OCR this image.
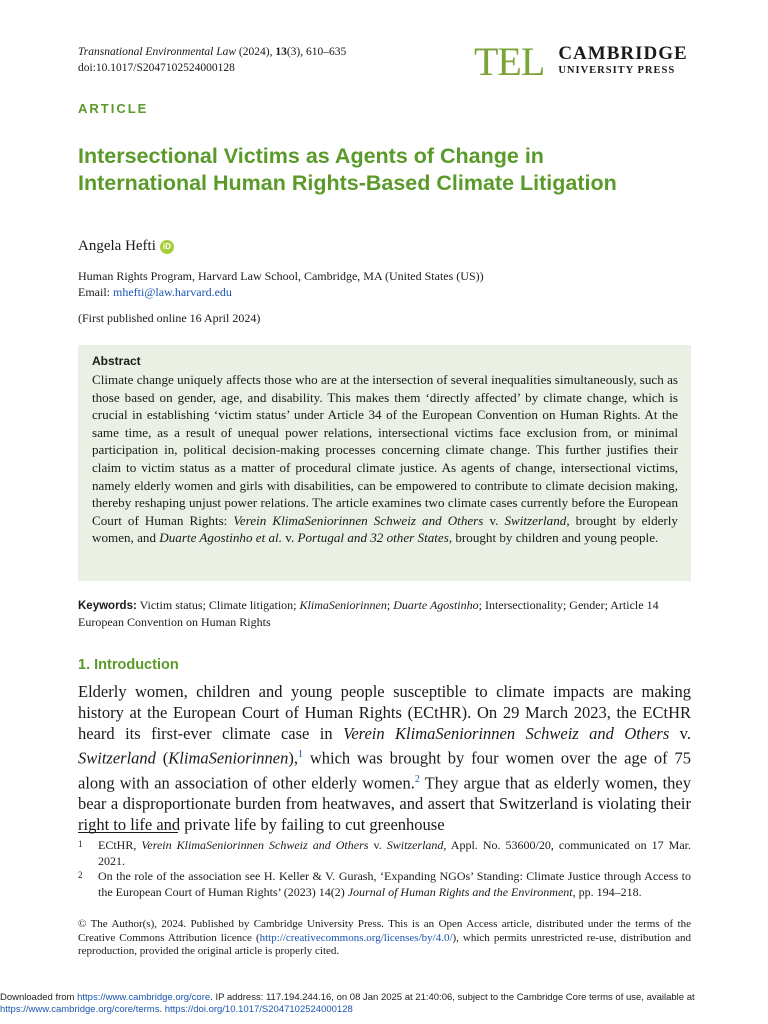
Transnational Environmental Law (2024), 13(3), 610–635
doi:10.1017/S2047102524000128	TEL CAMBRIDGE
UNIVERSITY PRESS
ARTICLE
Intersectional Victims as Agents of Change in International Human Rights-Based Climate Litigation
Angela Hefti iD
Human Rights Program, Harvard Law School, Cambridge, MA (United States (US))
Email: mhefti@law.harvard.edu
(First published online 16 April 2024)
Abstract

Climate change uniquely affects those who are at the intersection of several inequalities simultaneously, such as those based on gender, age, and disability. This makes them ‘directly affected’ by climate change, which is crucial in establishing ‘victim status’ under Article 34 of the European Convention on Human Rights. At the same time, as a result of unequal power relations, intersectional victims face exclusion from, or minimal participation in, political decision-making processes concerning climate change. This further justifies their claim to victim status as a matter of procedural climate justice. As agents of change, intersectional victims, namely elderly women and girls with disabilities, can be empowered to contribute to climate decision making, thereby reshaping unjust power relations. The article examines two climate cases currently before the European Court of Human Rights: Verein KlimaSeniorinnen Schweiz and Others v. Switzerland, brought by elderly women, and Duarte Agostinho et al. v. Portugal and 32 other States, brought by children and young people.

Keywords: Victim status; Climate litigation; KlimaSeniorinnen; Duarte Agostinho; Intersectionality; Gender; Article 14 European Convention on Human Rights
1. Introduction

Elderly women, children and young people susceptible to climate impacts are making history at the European Court of Human Rights (ECtHR). On 29 March 2023, the ECtHR heard its first-ever climate case in Verein KlimaSeniorinnen Schweiz and Others v. Switzerland (KlimaSeniorinnen),$^1$ which was brought by four women over the age of 75 along with an association of other elderly women.$^2$ They argue that as elderly women, they bear a disproportionate burden from heatwaves, and assert that Switzerland is violating their right to life and private life by failing to cut greenhouse

1	ECtHR, Verein KlimaSeniorinnen Schweiz and Others v. Switzerland, Appl. No. 53600/20, communicated on 17 Mar. 2021.
2	On the role of the association see H. Keller & V. Gurash, ‘Expanding NGOs’ Standing: Climate Justice through Access to the European Court of Human Rights’ (2023) 14(2) Journal of Human Rights and the Environment, pp. 194–218.
© The Author(s), 2024. Published by Cambridge University Press. This is an Open Access article, distributed under the terms of the Creative Commons Attribution licence (http://creativecommons.org/licenses/by/4.0/), which permits unrestricted re-use, distribution and reproduction, provided the original article is properly cited.
Downloaded from https://www.cambridge.org/core. IP address: 117.194.244.16, on 08 Jan 2025 at 21:40:06, subject to the Cambridge Core terms of use, available at https://www.cambridge.org/core/terms. https://doi.org/10.1017/S2047102524000128
